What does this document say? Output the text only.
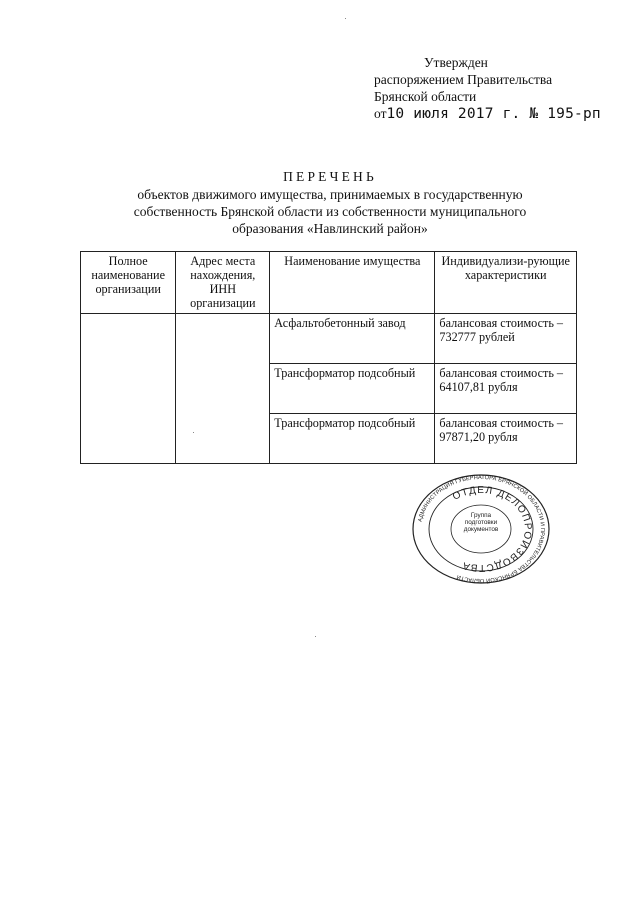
Утвержден
распоряжением Правительства
Брянской области
от10 июля 2017 г. № 195-рп
ПЕРЕЧЕНЬ
объектов движимого имущества, принимаемых в государственную
собственность Брянской области из собственности муниципального
образования «Навлинский район»
Полное наименование организации	Адрес места нахождения, ИНН организации	Наименование имущества	Индивидуализи-рующие характеристики
		Асфальтобетонный завод	балансовая стоимость – 732777 рублей
		Трансформатор подсобный	балансовая стоимость – 64107,81 рубля
		Трансформатор подсобный	балансовая стоимость – 97871,20 рубля
АДМИНИСТРАЦИЯ ГУБЕРНАТОРА БРЯНСКОЙ ОБЛАСТИ И ПРАВИТЕЛЬСТВА БРЯНСКОЙ ОБЛАСТИ
ОТДЕЛ ДЕЛОПРОИЗВОДСТВА
Группа подготовки документов
